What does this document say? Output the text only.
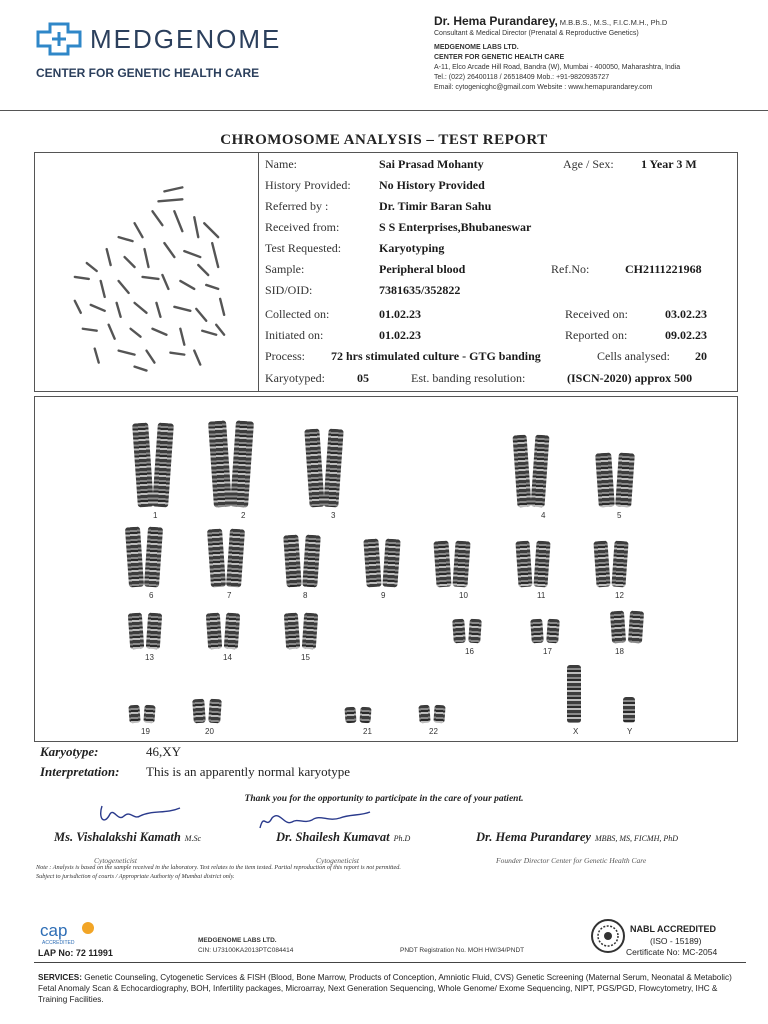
MEDGENOME
CENTER FOR GENETIC HEALTH CARE
Dr. Hema Purandarey, M.B.B.S., M.S., F.I.C.M.H., Ph.D
Consultant & Medical Director (Prenatal & Reproductive Genetics)
MEDGENOME LABS LTD.
CENTER FOR GENETIC HEALTH CARE
A-11, Elco Arcade Hill Road, Bandra (W), Mumbai - 400050, Maharashtra, India
Tel.: (022) 26400118 / 26518409 Mob.: +91-9820935727
Email: cytogenicghc@gmail.com Website : www.hemapurandarey.com
CHROMOSOME ANALYSIS – TEST REPORT
Name:	Sai Prasad Mohanty	Age / Sex: 1 Year 3 M
History Provided: No History Provided
Referred by :	Dr. Timir Baran Sahu
Received from:	S S Enterprises,Bhubaneswar
Test Requested:	Karyotyping
Sample:	Peripheral blood	Ref.No:	CH2111221968
SID/OID:	7381635/352822
Collected on:	01.02.23	Received on:	03.02.23
Initiated on:	01.02.23	Reported on:	09.02.23
Process: 72 hrs stimulated culture - GTG banding	Cells analysed: 20
Karyotyped:	05	Est. banding resolution:	(ISCN-2020) approx 500
1	2	3	4	5
6	7	8	9	10	11	12
13	14	15
16	17	18
19	20	21	22	X	Y
Karyotype:	46,XY
Interpretation: This is an apparently normal karyotype
Thank you for the opportunity to participate in the care of your patient.
Ms. Vishalakshi Kamath M.Sc
Cytogeneticist
Dr. Shailesh Kumavat Ph.D
Cytogeneticist
Dr. Hema Purandarey MBBS, MS, FICMH, PhD
Founder Director Center for Genetic Health Care
Note : Analysis is based on the sample received in the laboratory. Test relates to the item tested. Partial reproduction of this report is not permitted.
Subject to jurisdiction of courts / Appropriate Authority of Mumbai district only.
cap
ACCREDITED
LAP No: 72 11991
MEDGENOME LABS LTD.
CIN: U73100KA2013PTC084414	PNDT Registration No. MOH HW/34/PNDT
NABL ACCREDITED
(ISO - 15189)
Certificate No: MC-2054
SERVICES: Genetic Counseling, Cytogenetic Services & FISH (Blood, Bone Marrow, Products of Conception, Amniotic Fluid, CVS) Genetic Screening (Maternal Serum, Neonatal & Metabolic) Fetal Anomaly Scan & Echocardiography, BOH, Infertility packages, Microarray, Next Generation Sequencing, Whole Genome/ Exome Sequencing, NIPT, PGS/PGD, Flowcytometry, IHC & Training Facilities.
